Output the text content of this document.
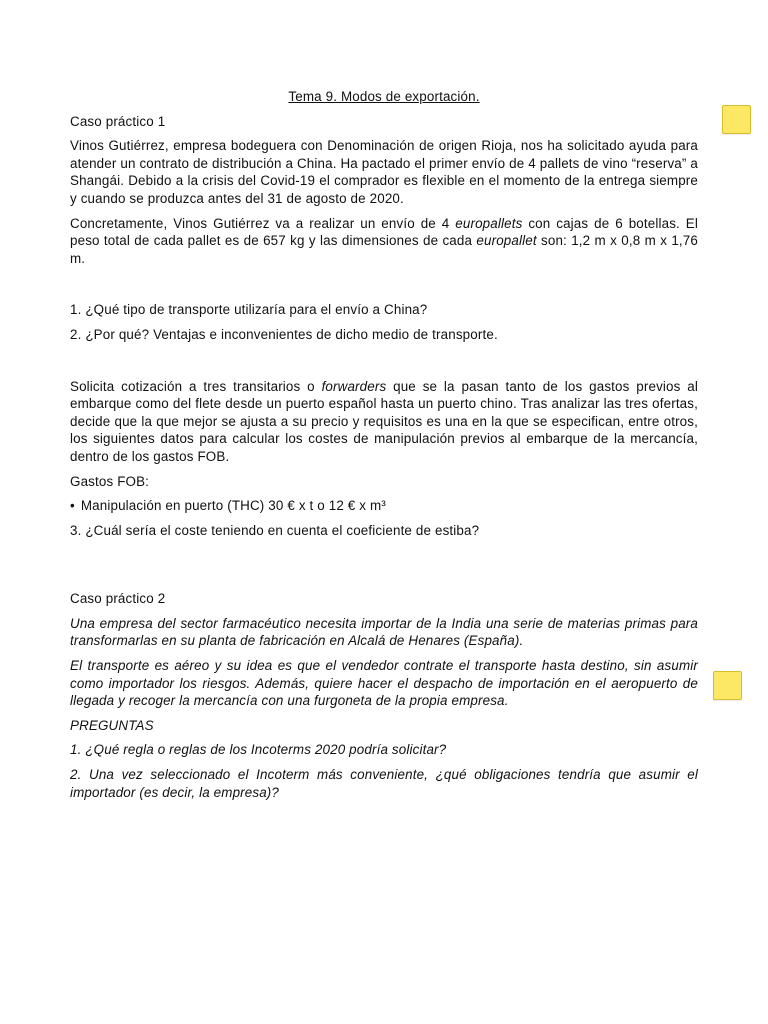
Tema 9. Modos de exportación.

Caso práctico 1

Vinos Gutiérrez, empresa bodeguera con Denominación de origen Rioja, nos ha solicitado ayuda para atender un contrato de distribución a China. Ha pactado el primer envío de 4 pallets de vino “reserva” a Shangái. Debido a la crisis del Covid-19 el comprador es flexible en el momento de la entrega siempre y cuando se produzca antes del 31 de agosto de 2020.

Concretamente, Vinos Gutiérrez va a realizar un envío de 4 europallets con cajas de 6 botellas. El peso total de cada pallet es de 657 kg y las dimensiones de cada europallet son: 1,2 m x 0,8 m x 1,76 m.

1. ¿Qué tipo de transporte utilizaría para el envío a China?

2. ¿Por qué? Ventajas e inconvenientes de dicho medio de transporte.

Solicita cotización a tres transitarios o forwarders que se la pasan tanto de los gastos previos al embarque como del flete desde un puerto español hasta un puerto chino. Tras analizar las tres ofertas, decide que la que mejor se ajusta a su precio y requisitos es una en la que se especifican, entre otros, los siguientes datos para calcular los costes de manipulación previos al embarque de la mercancía, dentro de los gastos FOB.

Gastos FOB:

• Manipulación en puerto (THC) 30 € x t o 12 € x m³

3. ¿Cuál sería el coste teniendo en cuenta el coeficiente de estiba?

Caso práctico 2

Una empresa del sector farmacéutico necesita importar de la India una serie de materias primas para transformarlas en su planta de fabricación en Alcalá de Henares (España).

El transporte es aéreo y su idea es que el vendedor contrate el transporte hasta destino, sin asumir como importador los riesgos. Además, quiere hacer el despacho de importación en el aeropuerto de llegada y recoger la mercancía con una furgoneta de la propia empresa.

PREGUNTAS

1. ¿Qué regla o reglas de los Incoterms 2020 podría solicitar?

2. Una vez seleccionado el Incoterm más conveniente, ¿qué obligaciones tendría que asumir el importador (es decir, la empresa)?
